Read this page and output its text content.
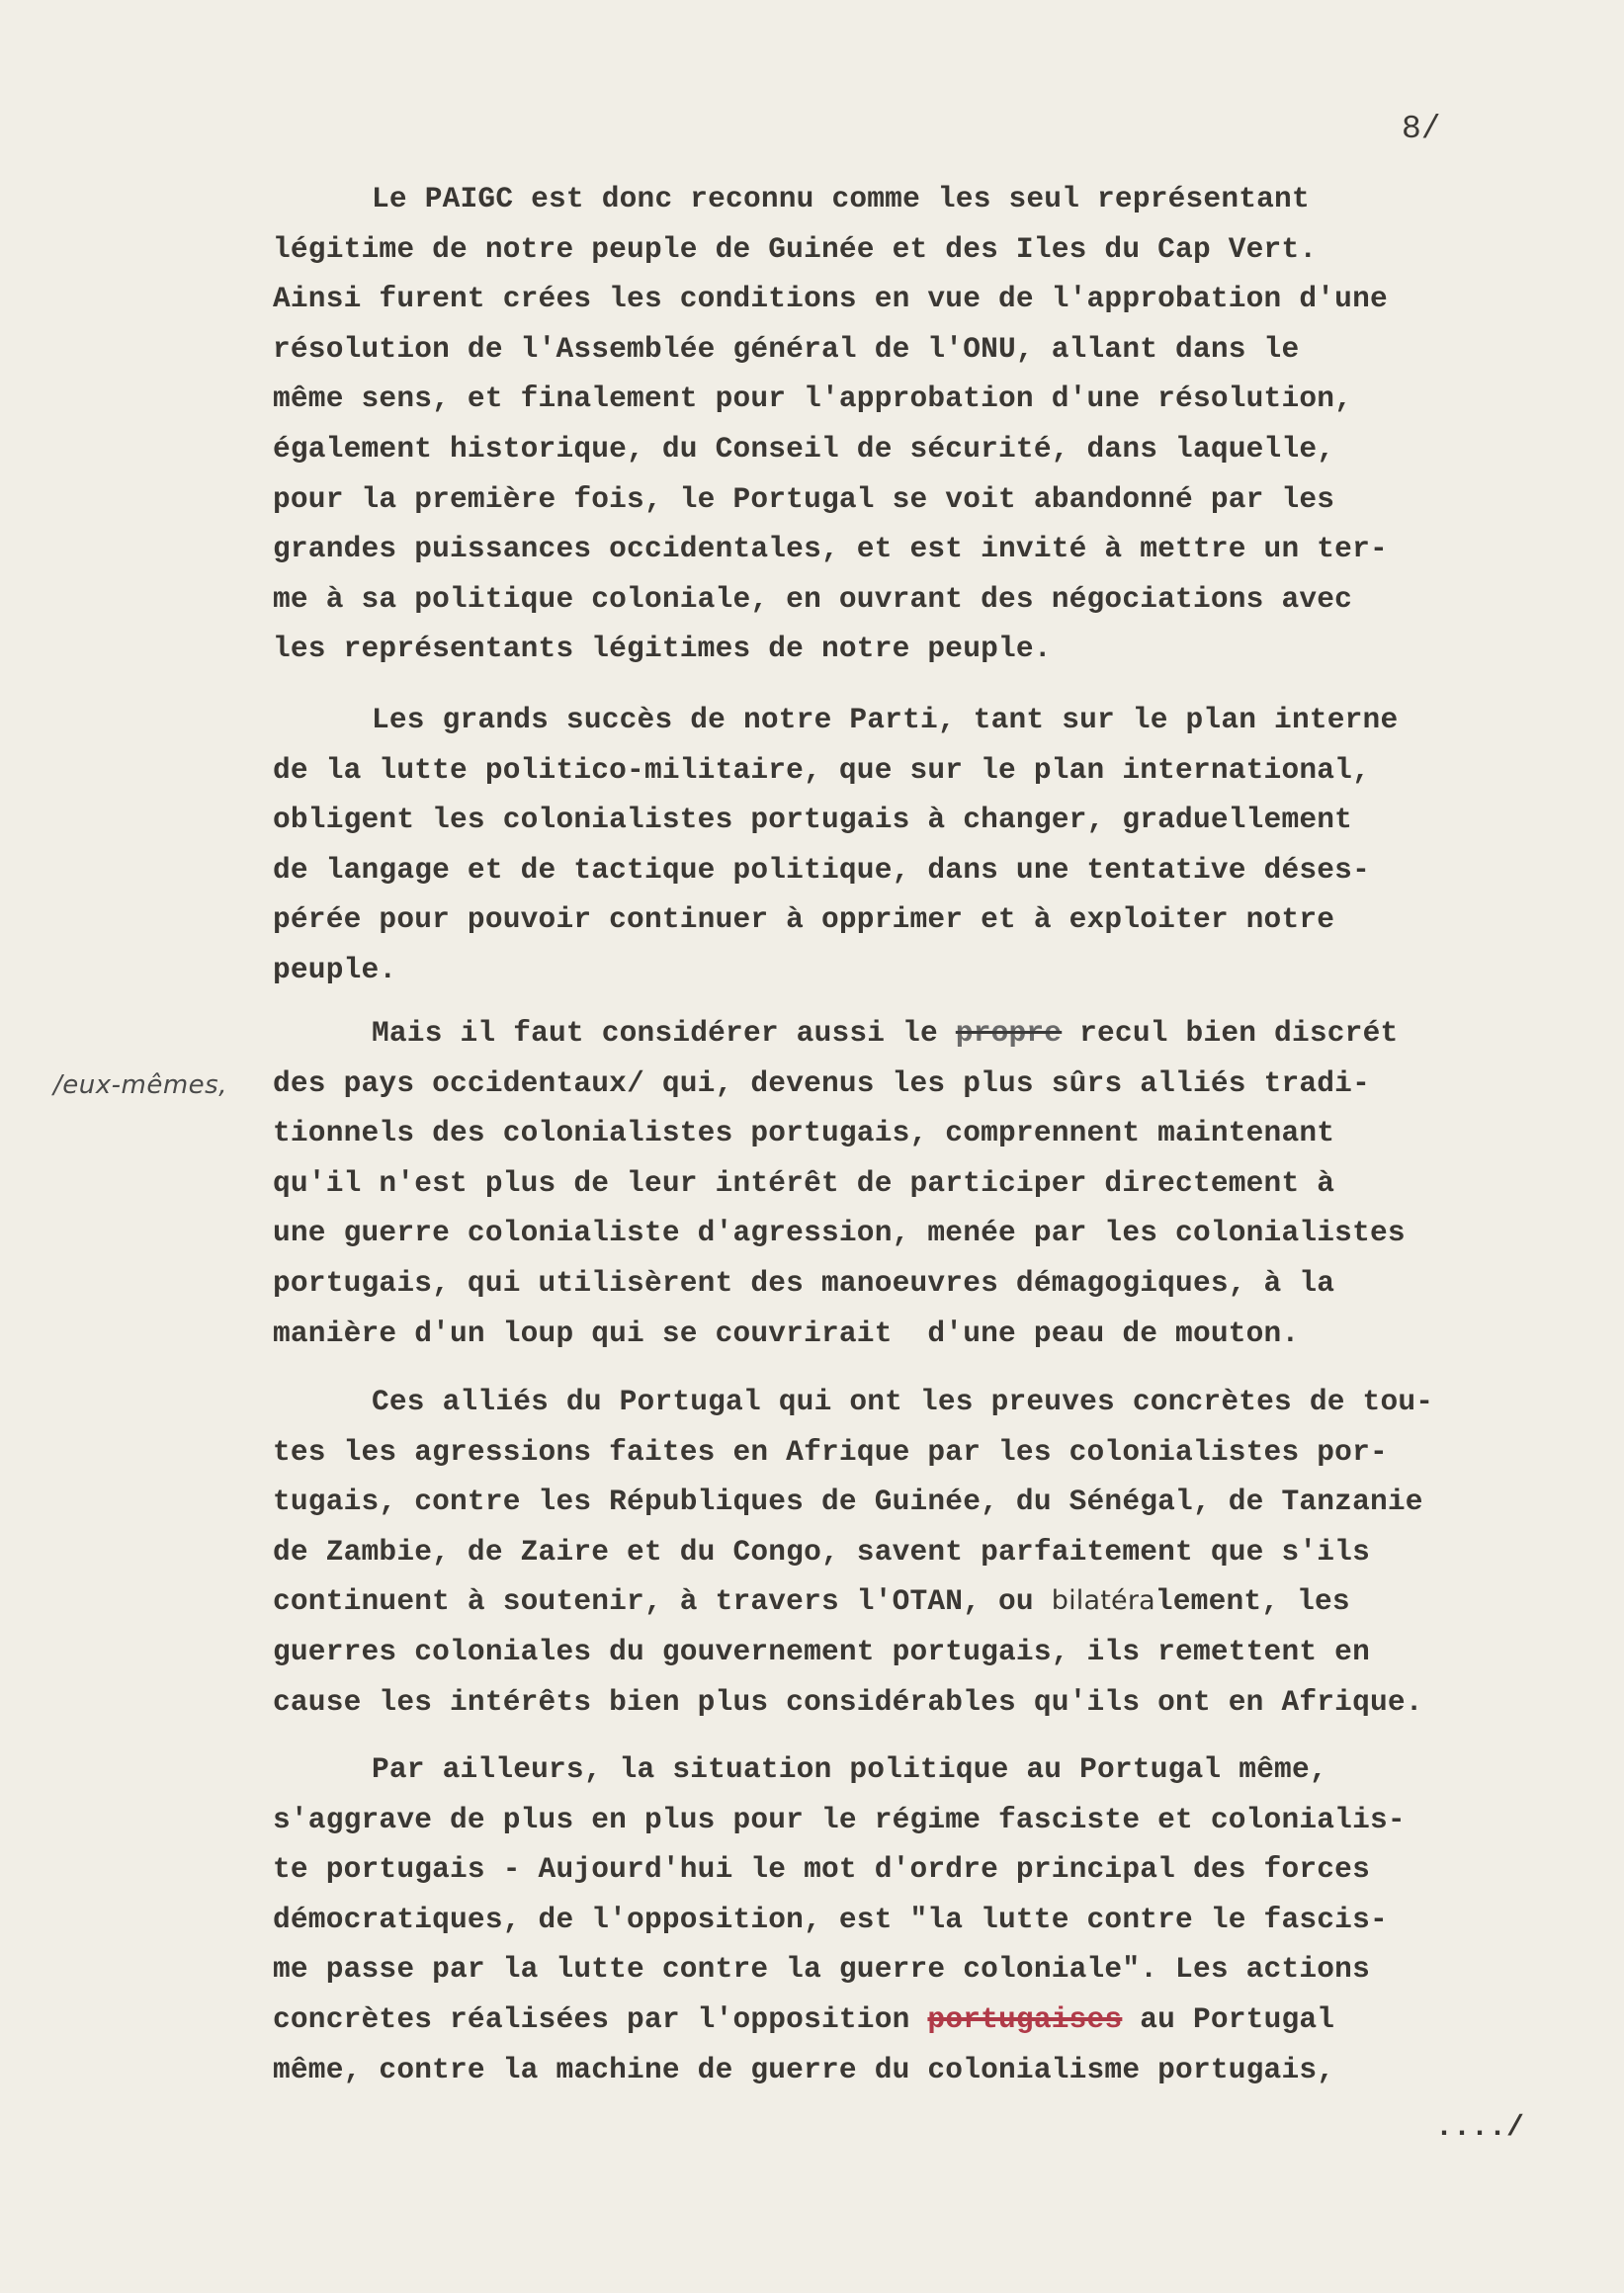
8/
Le PAIGC est donc reconnu comme les seul représentant
légitime de notre peuple de Guinée et des Iles du Cap Vert.
Ainsi furent crées les conditions en vue de l'approbation d'une
résolution de l'Assemblée général de l'ONU, allant dans le
même sens, et finalement pour l'approbation d'une résolution,
également historique, du Conseil de sécurité, dans laquelle,
pour la première fois, le Portugal se voit abandonné par les
grandes puissances occidentales, et est invité à mettre un ter-
me à sa politique coloniale, en ouvrant des négociations avec
les représentants légitimes de notre peuple.
Les grands succès de notre Parti, tant sur le plan interne
de la lutte politico-militaire, que sur le plan international,
obligent les colonialistes portugais à changer, graduellement
de langage et de tactique politique, dans une tentative déses-
pérée pour pouvoir continuer à opprimer et à exploiter notre
peuple.
Mais il faut considérer aussi le propre recul bien discrét
des pays occidentaux/ qui, devenus les plus sûrs alliés tradi-
tionnels des colonialistes portugais, comprennent maintenant
qu'il n'est plus de leur intérêt de participer directement à
une guerre colonialiste d'agression, menée par les colonialistes
portugais, qui utilisèrent des manoeuvres démagogiques, à la
manière d'un loup qui se couvrirait  d'une peau de mouton.
/eux-mêmes,
Ces alliés du Portugal qui ont les preuves concrètes de tou-
tes les agressions faites en Afrique par les colonialistes por-
tugais, contre les Républiques de Guinée, du Sénégal, de Tanzanie
de Zambie, de Zaire et du Congo, savent parfaitement que s'ils
continuent à soutenir, à travers l'OTAN, ou bilatéralement, les
guerres coloniales du gouvernement portugais, ils remettent en
cause les intérêts bien plus considérables qu'ils ont en Afrique.
Par ailleurs, la situation politique au Portugal même,
s'aggrave de plus en plus pour le régime fasciste et colonialis-
te portugais - Aujourd'hui le mot d'ordre principal des forces
démocratiques, de l'opposition, est "la lutte contre le fascis-
me passe par la lutte contre la guerre coloniale". Les actions
concrètes réalisées par l'opposition portugaises au Portugal
même, contre la machine de guerre du colonialisme portugais,
..../
